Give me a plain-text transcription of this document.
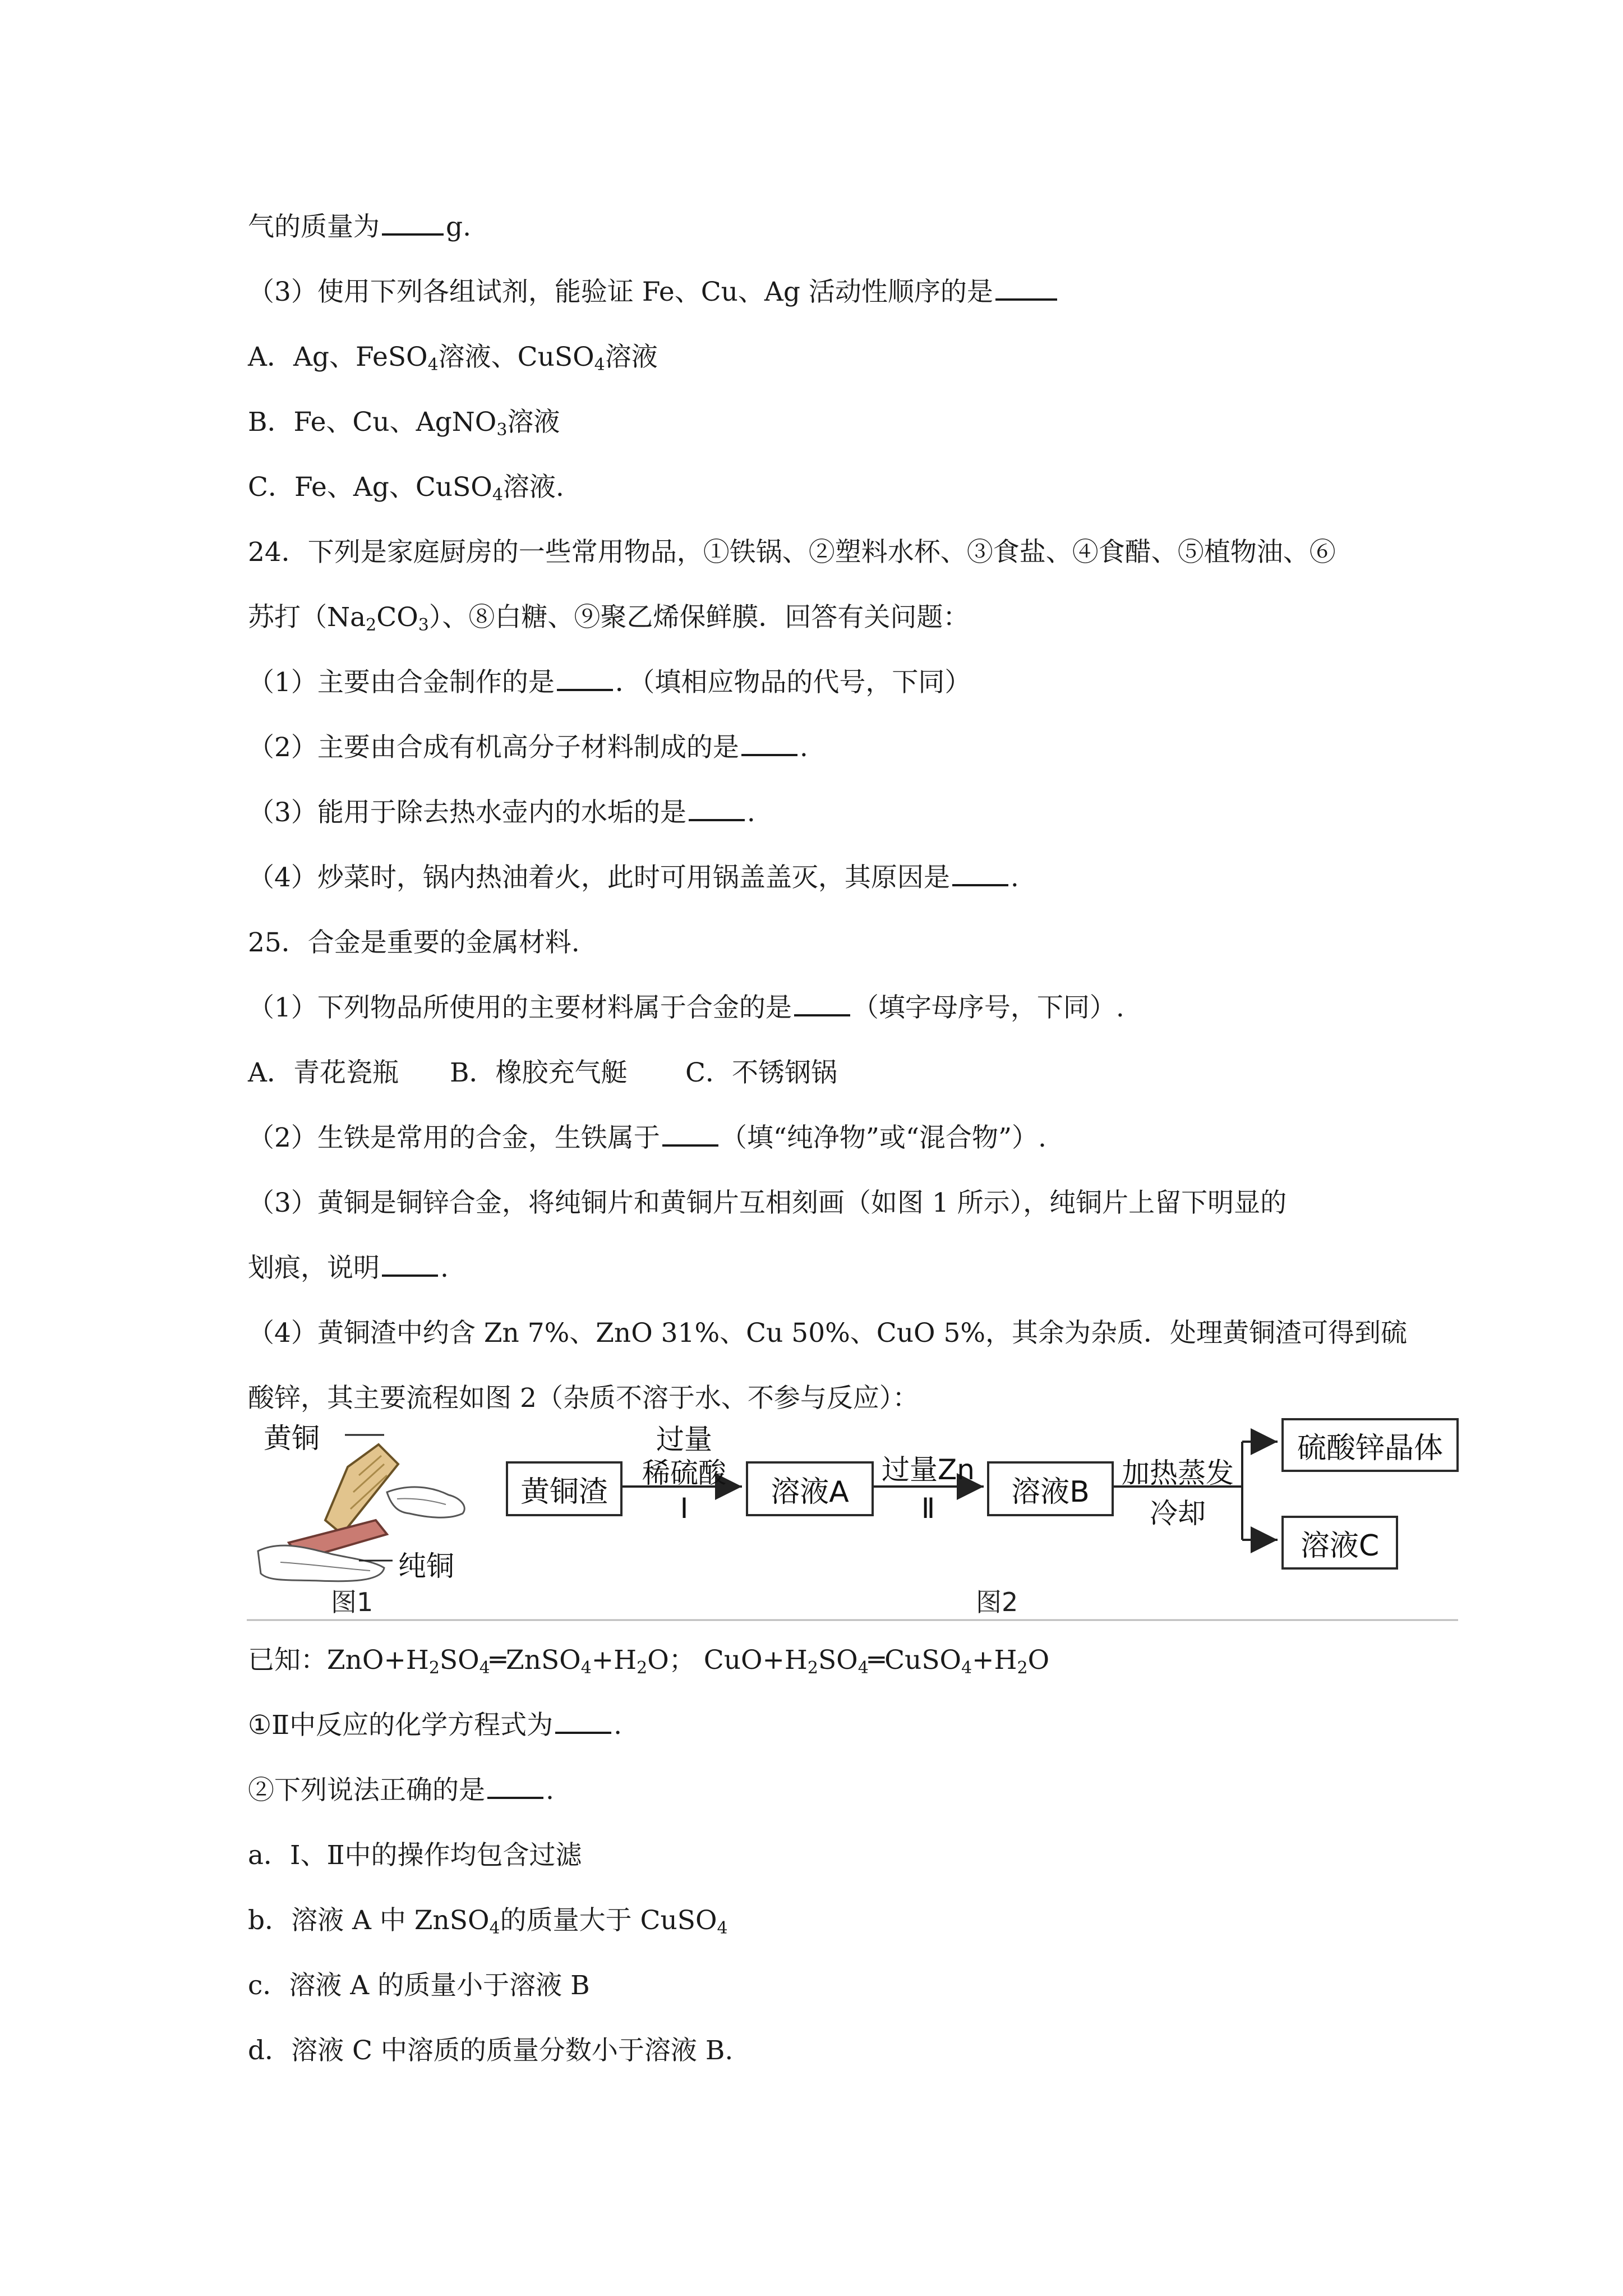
气的质量为	g.
（3）使用下列各组试剂，能验证 Fe、Cu、Ag 活动性顺序的是
A．Ag、FeSO$_4$溶液、CuSO$_4$溶液
B．Fe、Cu、AgNO$_3$溶液
C．Fe、Ag、CuSO$_4$溶液.
24．下列是家庭厨房的一些常用物品，①铁锅、②塑料水杯、③食盐、④食醋、⑤植物油、⑥
苏打$(Na_2CO_3)$、⑧白糖、⑨聚乙烯保鲜膜．回答有关问题：
（1）主要由合金制作的是 ．（填相应物品的代号，下同）
（2）主要由合成有机高分子材料制成的是 .
（3）能用于除去热水壶内的水垢的是 .
（4）炒菜时，锅内热油着火，此时可用锅盖盖灭，其原因是 .
25．合金是重要的金属材料.
（1）下列物品所使用的主要材料属于合金的是 （填字母序号，下同）.
A．青花瓷瓶 B．橡胶充气艇 C．不锈钢锅
（2）生铁是常用的合金，生铁属于 （填“纯净物”或“混合物”）.
（3）黄铜是铜锌合金，将纯铜片和黄铜片互相刻画（如图 1 所示），纯铜片上留下明显的
划痕，说明 .
（4）黄铜渣中约含 Zn 7%、ZnO 31%、Cu 50%、CuO 5%，其余为杂质．处理黄铜渣可得到硫
酸锌，其主要流程如图 2（杂质不溶于水、不参与反应）：
黄铜
纯铜
图1
黄铜渣
过量
稀硫酸
Ⅰ	溶液A
过量Zn
Ⅱ	溶液B
加热蒸发
冷却
硫酸锌晶体
溶液C
图2
已知：$ZnO+H_2SO_4═ZnSO_4+H_2O$； $CuO+H_2SO_4═CuSO_4+H_2O$
①Ⅱ中反应的化学方程式为 .
②下列说法正确的是 .
a．Ⅰ、Ⅱ中的操作均包含过滤
b．溶液 A 中 ZnSO$_4$的质量大于 CuSO$_4$
c．溶液 A 的质量小于溶液 B
d．溶液 C 中溶质的质量分数小于溶液 B.
